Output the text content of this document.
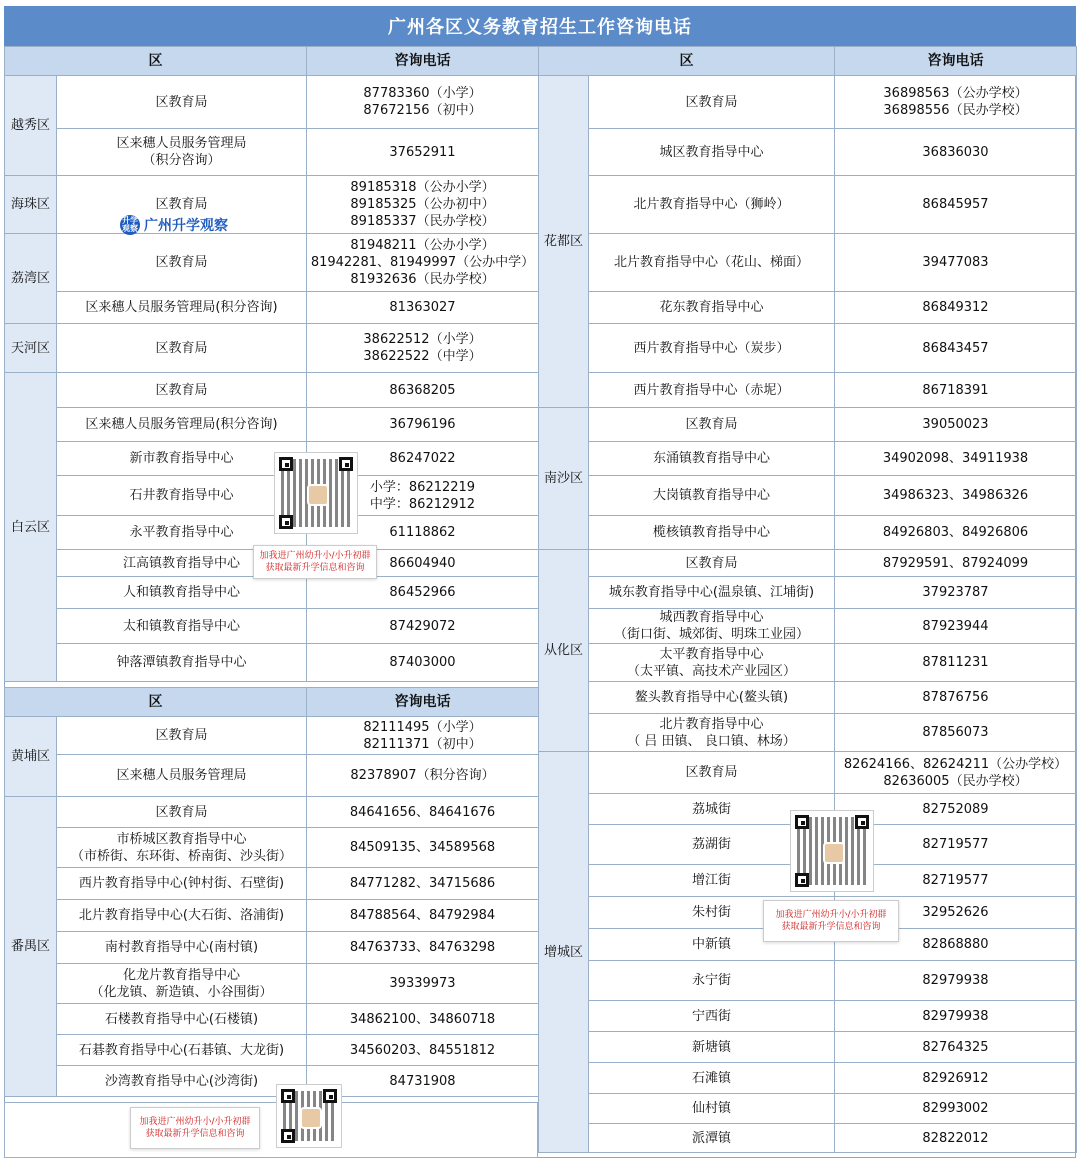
广州各区义务教育招生工作咨询电话
区		咨询电话
越秀区	区教育局	87783360（小学）
87672156（初中）
	区来穗人员服务管理局
（积分咨询）	37652911
海珠区	区教育局	89185318（公办小学）
89185325（公办初中）
89185337（民办学校）
荔湾区	区教育局	81948211（公办小学）
81942281、81949997（公办中学）
81932636（民办学校）
	区来穗人员服务管理局(积分咨询)	81363027
天河区	区教育局	38622512（小学）
38622522（中学）
白云区	区教育局	86368205
	区来穗人员服务管理局(积分咨询)	36796196
	新市教育指导中心	86247022
	石井教育指导中心	小学：86212219
中学：86212912
	永平教育指导中心	61118862
	江高镇教育指导中心	86604940
	人和镇教育指导中心	86452966
	太和镇教育指导中心	87429072
	钟落潭镇教育指导中心	87403000
区		咨询电话
黄埔区	区教育局	82111495（小学）
82111371（初中）
	区来穗人员服务管理局	82378907（积分咨询）
番禺区	区教育局	84641656、84641676
	市桥城区教育指导中心
（市桥街、东环街、桥南街、沙头街）	84509135、34589568
	西片教育指导中心(钟村街、石壁街)	84771282、34715686
	北片教育指导中心(大石街、洛浦街)	84788564、84792984
	南村教育指导中心(南村镇)	84763733、84763298
	化龙片教育指导中心
（化龙镇、新造镇、小谷围街）	39339973
	石楼教育指导中心(石楼镇)	34862100、34860718
	石碁教育指导中心(石碁镇、大龙街)	34560203、84551812
	沙湾教育指导中心(沙湾街)	84731908
区		咨询电话
花都区	区教育局	36898563（公办学校）
36898556（民办学校）
	城区教育指导中心	36836030
	北片教育指导中心（狮岭）	86845957
	北片教育指导中心（花山、梯面）	39477083
	花东教育指导中心	86849312
	西片教育指导中心（炭步）	86843457
	西片教育指导中心（赤坭）	86718391
南沙区	区教育局	39050023
	东涌镇教育指导中心	34902098、34911938
	大岗镇教育指导中心	34986323、34986326
	榄核镇教育指导中心	84926803、84926806
从化区	区教育局	87929591、87924099
	城东教育指导中心(温泉镇、江埔街)	37923787
	城西教育指导中心
（街口街、城郊街、明珠工业园）	87923944
	太平教育指导中心
（太平镇、高技术产业园区）	87811231
	鳌头教育指导中心(鳌头镇)	87876756
	北片教育指导中心
（ 吕 田镇、 良口镇、林场）	87856073
增城区	区教育局	82624166、82624211（公办学校）
82636005（民办学校）
	荔城街	82752089
	荔湖街	82719577
	增江街	82719577
	朱村街	32952626
	中新镇	82868880
	永宁街	82979938
	宁西街	82979938
	新塘镇	82764325
	石滩镇	82926912
	仙村镇	82993002
	派潭镇	82822012
升学观察 广州升学观察
加我进广州幼升小/小升初群
获取最新升学信息和咨询
加我进广州幼升小/小升初群
获取最新升学信息和咨询
加我进广州幼升小/小升初群
获取最新升学信息和咨询
